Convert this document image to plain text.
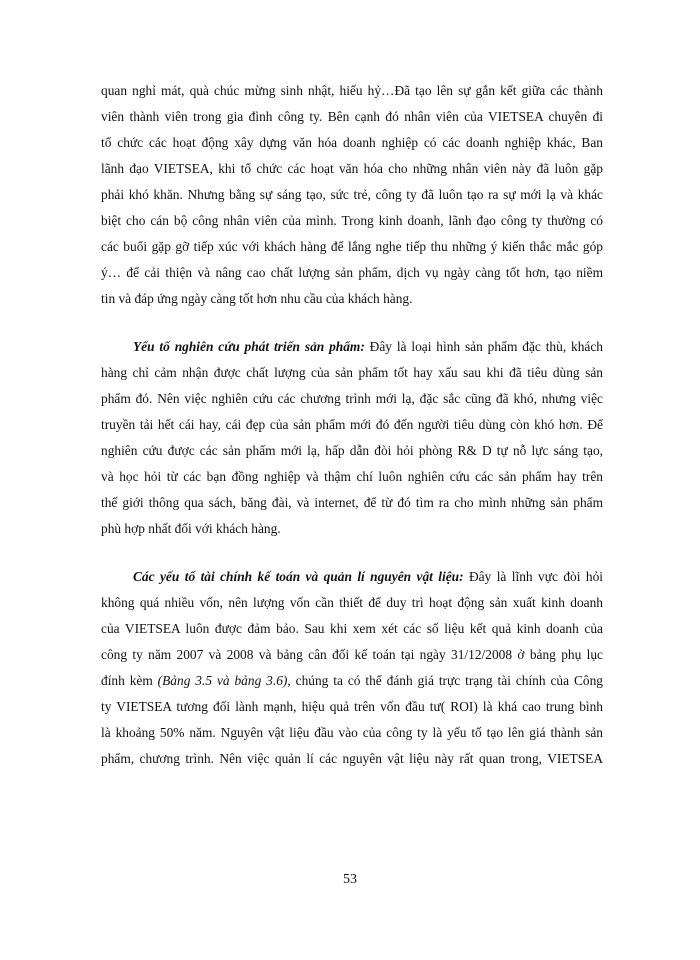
quan nghỉ mát, quà chúc mừng sinh nhật, hiếu hỷ…Đã tạo lên sự gắn kết giữa các thành
viên thành viên trong gia đình công ty. Bên cạnh đó nhân viên của VIETSEA chuyên đi
tổ chức các hoạt động xây dựng văn hóa doanh nghiệp có các doanh nghiệp khác, Ban
lãnh đạo VIETSEA, khi tổ chức các hoạt văn hóa cho những nhân viên này đã luôn gặp
phải khó khăn. Nhưng bằng sự sáng tạo, sức trẻ, công ty đã luôn tạo ra sự mới lạ và khác
biệt cho cán bộ công nhân viên của mình. Trong kinh doanh, lãnh đạo công ty thường có
các buổi gặp gỡ tiếp xúc với khách hàng để lắng nghe tiếp thu những ý kiến thắc mắc góp
ý… để cải thiện và nâng cao chất lượng sản phẩm, dịch vụ ngày càng tốt hơn, tạo niềm
tin và đáp ứng ngày càng tốt hơn nhu cầu của khách hàng.
Yếu tố nghiên cứu phát triển sản phẩm: Đây là loại hình sản phẩm đặc thù, khách
hàng chỉ cảm nhận được chất lượng của sản phẩm tốt hay xấu sau khi đã tiêu dùng sản
phẩm đó. Nên việc nghiên cứu các chương trình mới lạ, đặc sắc cũng đã khó, nhưng việc
truyền tải hết cái hay, cái đẹp của sản phẩm mới đó đến người tiêu dùng còn khó hơn. Để
nghiên cứu được các sản phẩm mới lạ, hấp dẫn đòi hỏi phòng R& D tự nỗ lực sáng tạo,
và học hỏi từ các bạn đồng nghiệp và thậm chí luôn nghiên cứu các sản phẩm hay trên
thế giới thông qua sách, băng đài, và internet, để từ đó tìm ra cho mình những sản phẩm
phù hợp nhất đối với khách hàng.
Các yếu tố tài chính kế toán và quản lí nguyên vật liệu: Đây là lĩnh vực đòi hỏi
không quá nhiều vốn, nên lượng vốn cần thiết để duy trì hoạt động sản xuất kinh doanh
của VIETSEA luôn được đảm bảo. Sau khi xem xét các số liệu kết quả kinh doanh của
công ty năm 2007 và 2008 và bảng cân đối kế toán tại ngày 31/12/2008 ở bảng phụ lục
đính kèm (Bảng 3.5 và bảng 3.6), chúng ta có thể đánh giá trực trạng tài chính của Công
ty VIETSEA tương đối lành mạnh, hiệu quả trên vốn đầu tư( ROI) là khá cao trung bình
là khoảng 50% năm. Nguyên vật liệu đầu vào của công ty là yếu tố tạo lên giá thành sản
phẩm, chương trình. Nên việc quản lí các nguyên vật liệu này rất quan trong, VIETSEA
53
